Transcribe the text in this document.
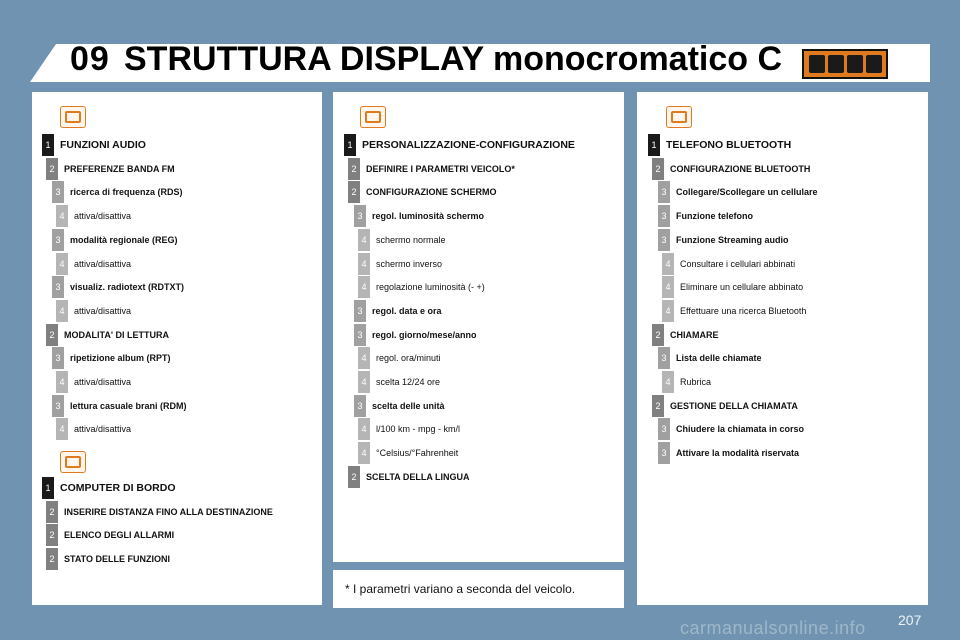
09 STRUTTURA DISPLAY monocromatico C
1 FUNZIONI AUDIO
2	PREFERENZE BANDA FM
3	ricerca di frequenza (RDS)
4	attiva/disattiva
3	modalità regionale (REG)
4	attiva/disattiva
3	visualiz. radiotext (RDTXT)
4	attiva/disattiva
2	MODALITA' DI LETTURA
3	ripetizione album (RPT)
4	attiva/disattiva
3	lettura casuale brani (RDM)
4	attiva/disattiva
1 COMPUTER DI BORDO
2	INSERIRE DISTANZA FINO ALLA DESTINAZIONE
2	ELENCO DEGLI ALLARMI
2	STATO DELLE FUNZIONI
1 PERSONALIZZAZIONE-CONFIGURAZIONE
2	DEFINIRE I PARAMETRI VEICOLO*
2	CONFIGURAZIONE SCHERMO
3	regol. luminosità schermo
4	schermo normale
4	schermo inverso
4	regolazione luminosità (- +)
3	regol. data e ora
3	regol. giorno/mese/anno
4	regol. ora/minuti
4	scelta 12/24 ore
3	scelta delle unità
4	l/100 km - mpg - km/l
4	°Celsius/°Fahrenheit
2	SCELTA DELLA LINGUA
1 TELEFONO BLUETOOTH
2	CONFIGURAZIONE BLUETOOTH
3	Collegare/Scollegare un cellulare
3	Funzione telefono
3	Funzione Streaming audio
4	Consultare i cellulari abbinati
4	Eliminare un cellulare abbinato
4	Effettuare una ricerca Bluetooth
2	CHIAMARE
3	Lista delle chiamate
4	Rubrica
2	GESTIONE DELLA CHIAMATA
3	Chiudere la chiamata in corso
3	Attivare la modalità riservata
* I parametri variano a seconda del veicolo.
207
carmanualsonline.info
